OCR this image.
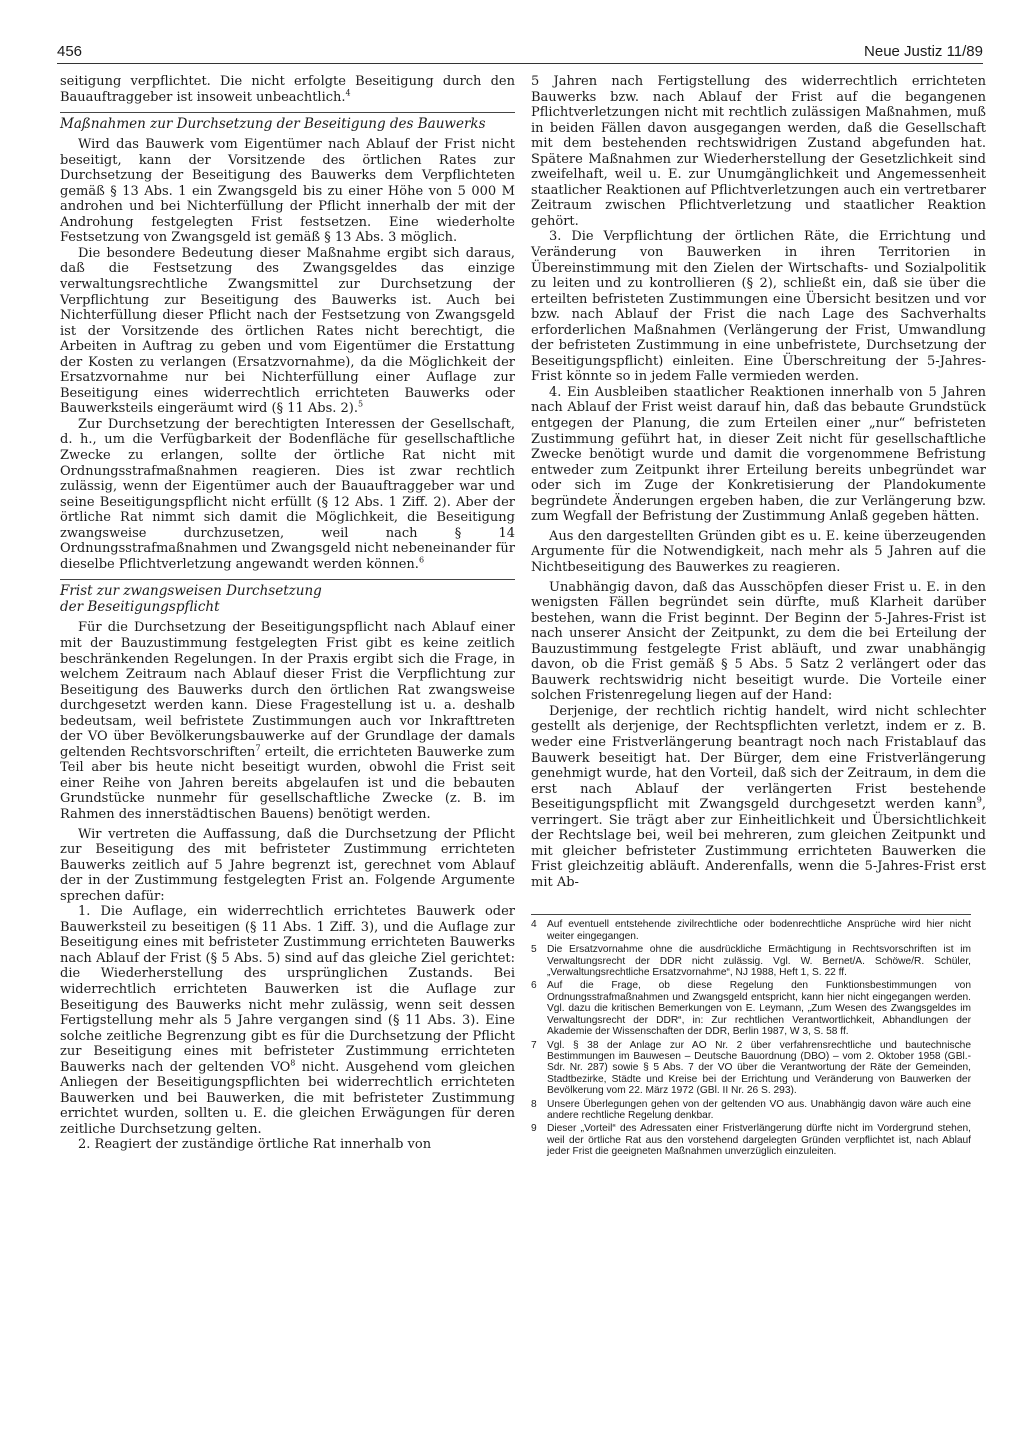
456	Neue Justiz 11/89

seitigung verpflichtet. Die nicht erfolgte Beseitigung durch den Bauauftraggeber ist insoweit unbeachtlich.$^4$

Maßnahmen zur Durchsetzung der Beseitigung des Bauwerks

Wird das Bauwerk vom Eigentümer nach Ablauf der Frist nicht beseitigt, kann der Vorsitzende des örtlichen Rates zur Durchsetzung der Beseitigung des Bauwerks dem Verpflichteten gemäß § 13 Abs. 1 ein Zwangsgeld bis zu einer Höhe von 5 000 M androhen und bei Nichterfüllung der Pflicht innerhalb der mit der Androhung festgelegten Frist festsetzen. Eine wiederholte Festsetzung von Zwangsgeld ist gemäß § 13 Abs. 3 möglich.

Die besondere Bedeutung dieser Maßnahme ergibt sich daraus, daß die Festsetzung des Zwangsgeldes das einzige verwaltungsrechtliche Zwangsmittel zur Durchsetzung der Verpflichtung zur Beseitigung des Bauwerks ist. Auch bei Nichterfüllung dieser Pflicht nach der Festsetzung von Zwangsgeld ist der Vorsitzende des örtlichen Rates nicht berechtigt, die Arbeiten in Auftrag zu geben und vom Eigentümer die Erstattung der Kosten zu verlangen (Ersatzvornahme), da die Möglichkeit der Ersatzvornahme nur bei Nichterfüllung einer Auflage zur Beseitigung eines widerrechtlich errichteten Bauwerks oder Bauwerksteils eingeräumt wird (§ 11 Abs. 2).$^5$

Zur Durchsetzung der berechtigten Interessen der Gesellschaft, d. h., um die Verfügbarkeit der Bodenfläche für gesellschaftliche Zwecke zu erlangen, sollte der örtliche Rat nicht mit Ordnungsstrafmaßnahmen reagieren. Dies ist zwar rechtlich zulässig, wenn der Eigentümer auch der Bauauftraggeber war und seine Beseitigungspflicht nicht erfüllt (§ 12 Abs. 1 Ziff. 2). Aber der örtliche Rat nimmt sich damit die Möglichkeit, die Beseitigung zwangsweise durchzusetzen, weil nach § 14 Ordnungsstrafmaßnahmen und Zwangsgeld nicht nebeneinander für dieselbe Pflichtverletzung angewandt werden können.$^6$

Frist zur zwangsweisen Durchsetzung
der Beseitigungspflicht

Für die Durchsetzung der Beseitigungspflicht nach Ablauf einer mit der Bauzustimmung festgelegten Frist gibt es keine zeitlich beschränkenden Regelungen. In der Praxis ergibt sich die Frage, in welchem Zeitraum nach Ablauf dieser Frist die Verpflichtung zur Beseitigung des Bauwerks durch den örtlichen Rat zwangsweise durchgesetzt werden kann. Diese Fragestellung ist u. a. deshalb bedeutsam, weil befristete Zustimmungen auch vor Inkrafttreten der VO über Bevölkerungsbauwerke auf der Grundlage der damals geltenden Rechtsvorschriften$^7$ erteilt, die errichteten Bauwerke zum Teil aber bis heute nicht beseitigt wurden, obwohl die Frist seit einer Reihe von Jahren bereits abgelaufen ist und die bebauten Grundstücke nunmehr für gesellschaftliche Zwecke (z. B. im Rahmen des innerstädtischen Bauens) benötigt werden.

Wir vertreten die Auffassung, daß die Durchsetzung der Pflicht zur Beseitigung des mit befristeter Zustimmung errichteten Bauwerks zeitlich auf 5 Jahre begrenzt ist, gerechnet vom Ablauf der in der Zustimmung festgelegten Frist an. Folgende Argumente sprechen dafür:

1. Die Auflage, ein widerrechtlich errichtetes Bauwerk oder Bauwerksteil zu beseitigen (§ 11 Abs. 1 Ziff. 3), und die Auflage zur Beseitigung eines mit befristeter Zustimmung errichteten Bauwerks nach Ablauf der Frist (§ 5 Abs. 5) sind auf das gleiche Ziel gerichtet: die Wiederherstellung des ursprünglichen Zustands. Bei widerrechtlich errichteten Bauwerken ist die Auflage zur Beseitigung des Bauwerks nicht mehr zulässig, wenn seit dessen Fertigstellung mehr als 5 Jahre vergangen sind (§ 11 Abs. 3). Eine solche zeitliche Begrenzung gibt es für die Durchsetzung der Pflicht zur Beseitigung eines mit befristeter Zustimmung errichteten Bauwerks nach der geltenden $VO^8$ nicht. Ausgehend vom gleichen Anliegen der Beseitigungspflichten bei widerrechtlich errichteten Bauwerken und bei Bauwerken, die mit befristeter Zustimmung errichtet wurden, sollten u. E. die gleichen Erwägungen für deren zeitliche Durchsetzung gelten.

2. Reagiert der zuständige örtliche Rat innerhalb von

5 Jahren nach Fertigstellung des widerrechtlich errichteten Bauwerks bzw. nach Ablauf der Frist auf die begangenen Pflichtverletzungen nicht mit rechtlich zulässigen Maßnahmen, muß in beiden Fällen davon ausgegangen werden, daß die Gesellschaft mit dem bestehenden rechtswidrigen Zustand abgefunden hat. Spätere Maßnahmen zur Wiederherstellung der Gesetzlichkeit sind zweifelhaft, weil u. E. zur Unumgänglichkeit und Angemessenheit staatlicher Reaktionen auf Pflichtverletzungen auch ein vertretbarer Zeitraum zwischen Pflichtverletzung und staatlicher Reaktion gehört.

3. Die Verpflichtung der örtlichen Räte, die Errichtung und Veränderung von Bauwerken in ihren Territorien in Übereinstimmung mit den Zielen der Wirtschafts- und Sozialpolitik zu leiten und zu kontrollieren (§ 2), schließt ein, daß sie über die erteilten befristeten Zustimmungen eine Übersicht besitzen und vor bzw. nach Ablauf der Frist die nach Lage des Sachverhalts erforderlichen Maßnahmen (Verlängerung der Frist, Umwandlung der befristeten Zustimmung in eine unbefristete, Durchsetzung der Beseitigungspflicht) einleiten. Eine Überschreitung der 5-Jahres-Frist könnte so in jedem Falle vermieden werden.

4. Ein Ausbleiben staatlicher Reaktionen innerhalb von 5 Jahren nach Ablauf der Frist weist darauf hin, daß das bebaute Grundstück entgegen der Planung, die zum Erteilen einer „nur“ befristeten Zustimmung geführt hat, in dieser Zeit nicht für gesellschaftliche Zwecke benötigt wurde und damit die vorgenommene Befristung entweder zum Zeitpunkt ihrer Erteilung bereits unbegründet war oder sich im Zuge der Konkretisierung der Plandokumente begründete Änderungen ergeben haben, die zur Verlängerung bzw. zum Wegfall der Befristung der Zustimmung Anlaß gegeben hätten.

Aus den dargestellten Gründen gibt es u. E. keine überzeugenden Argumente für die Notwendigkeit, nach mehr als 5 Jahren auf die Nichtbeseitigung des Bauwerkes zu reagieren.

Unabhängig davon, daß das Ausschöpfen dieser Frist u. E. in den wenigsten Fällen begründet sein dürfte, muß Klarheit darüber bestehen, wann die Frist beginnt. Der Beginn der 5-Jahres-Frist ist nach unserer Ansicht der Zeitpunkt, zu dem die bei Erteilung der Bauzustimmung festgelegte Frist abläuft, und zwar unabhängig davon, ob die Frist gemäß § 5 Abs. 5 Satz 2 verlängert oder das Bauwerk rechtswidrig nicht beseitigt wurde. Die Vorteile einer solchen Fristenregelung liegen auf der Hand:

Derjenige, der rechtlich richtig handelt, wird nicht schlechter gestellt als derjenige, der Rechtspflichten verletzt, indem er z. B. weder eine Fristverlängerung beantragt noch nach Fristablauf das Bauwerk beseitigt hat. Der Bürger, dem eine Fristverlängerung genehmigt wurde, hat den Vorteil, daß sich der Zeitraum, in dem die erst nach Ablauf der verlängerten Frist bestehende Beseitigungspflicht mit Zwangsgeld durchgesetzt werden kann$^9$, verringert. Sie trägt aber zur Einheitlichkeit und Übersichtlichkeit der Rechtslage bei, weil bei mehreren, zum gleichen Zeitpunkt und mit gleicher befristeter Zustimmung errichteten Bauwerken die Frist gleichzeitig abläuft. Anderenfalls, wenn die 5-Jahres-Frist erst mit Ab-

4	Auf eventuell entstehende zivilrechtliche oder bodenrechtliche Ansprüche wird hier nicht weiter eingegangen.
5	Die Ersatzvornahme ohne die ausdrückliche Ermächtigung in Rechtsvorschriften ist im Verwaltungsrecht der DDR nicht zulässig. Vgl. W. Bernet/A. Schöwe/R. Schüler, „Verwaltungsrechtliche Ersatzvornahme“, NJ 1988, Heft 1, S. 22 ff.
6	Auf die Frage, ob diese Regelung den Funktionsbestimmungen von Ordnungsstrafmaßnahmen und Zwangsgeld entspricht, kann hier nicht eingegangen werden. Vgl. dazu die kritischen Bemerkungen von E. Leymann, „Zum Wesen des Zwangsgeldes im Verwaltungsrecht der DDR“, in: Zur rechtlichen Verantwortlichkeit, Abhandlungen der Akademie der Wissenschaften der DDR, Berlin 1987, W 3, S. 58 ff.
7	Vgl. § 38 der Anlage zur AO Nr. 2 über verfahrensrechtliche und bautechnische Bestimmungen im Bauwesen – Deutsche Bauordnung (DBO) – vom 2. Oktober 1958 (GBl.-Sdr. Nr. 287) sowie § 5 Abs. 7 der VO über die Verantwortung der Räte der Gemeinden, Stadtbezirke, Städte und Kreise bei der Errichtung und Veränderung von Bauwerken der Bevölkerung vom 22. März 1972 (GBl. II Nr. 26 S. 293).
8	Unsere Überlegungen gehen von der geltenden VO aus. Unabhängig davon wäre auch eine andere rechtliche Regelung denkbar.
9	Dieser „Vorteil“ des Adressaten einer Fristverlängerung dürfte nicht im Vordergrund stehen, weil der örtliche Rat aus den vorstehend dargelegten Gründen verpflichtet ist, nach Ablauf jeder Frist die geeigneten Maßnahmen unverzüglich einzuleiten.
